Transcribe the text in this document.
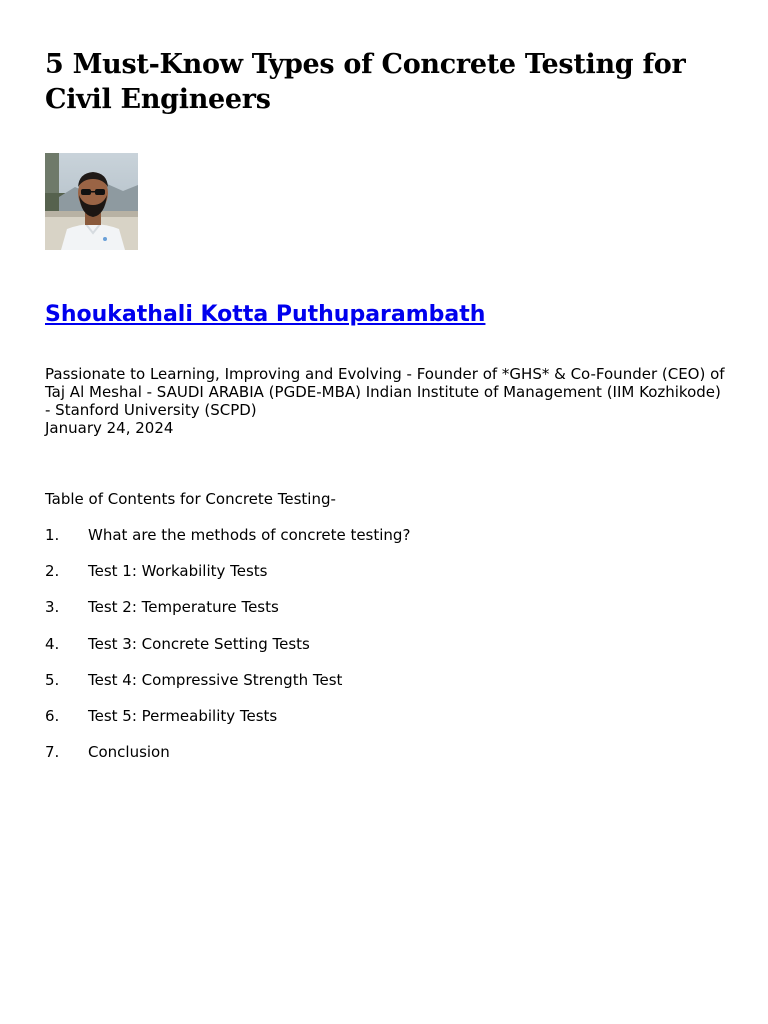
5 Must-Know Types of Concrete Testing for Civil Engineers
Shoukathali Kotta Puthuparambath

Passionate to Learning, Improving and Evolving - Founder of *GHS* & Co-Founder (CEO) of Taj Al Meshal - SAUDI ARABIA (PGDE-MBA) Indian Institute of Management (IIM Kozhikode) - Stanford University (SCPD)

January 24, 2024
Table of Contents for Concrete Testing-
1. What are the methods of concrete testing?
2. Test 1: Workability Tests
3. Test 2: Temperature Tests
4. Test 3: Concrete Setting Tests
5. Test 4: Compressive Strength Test
6. Test 5: Permeability Tests
7. Conclusion
